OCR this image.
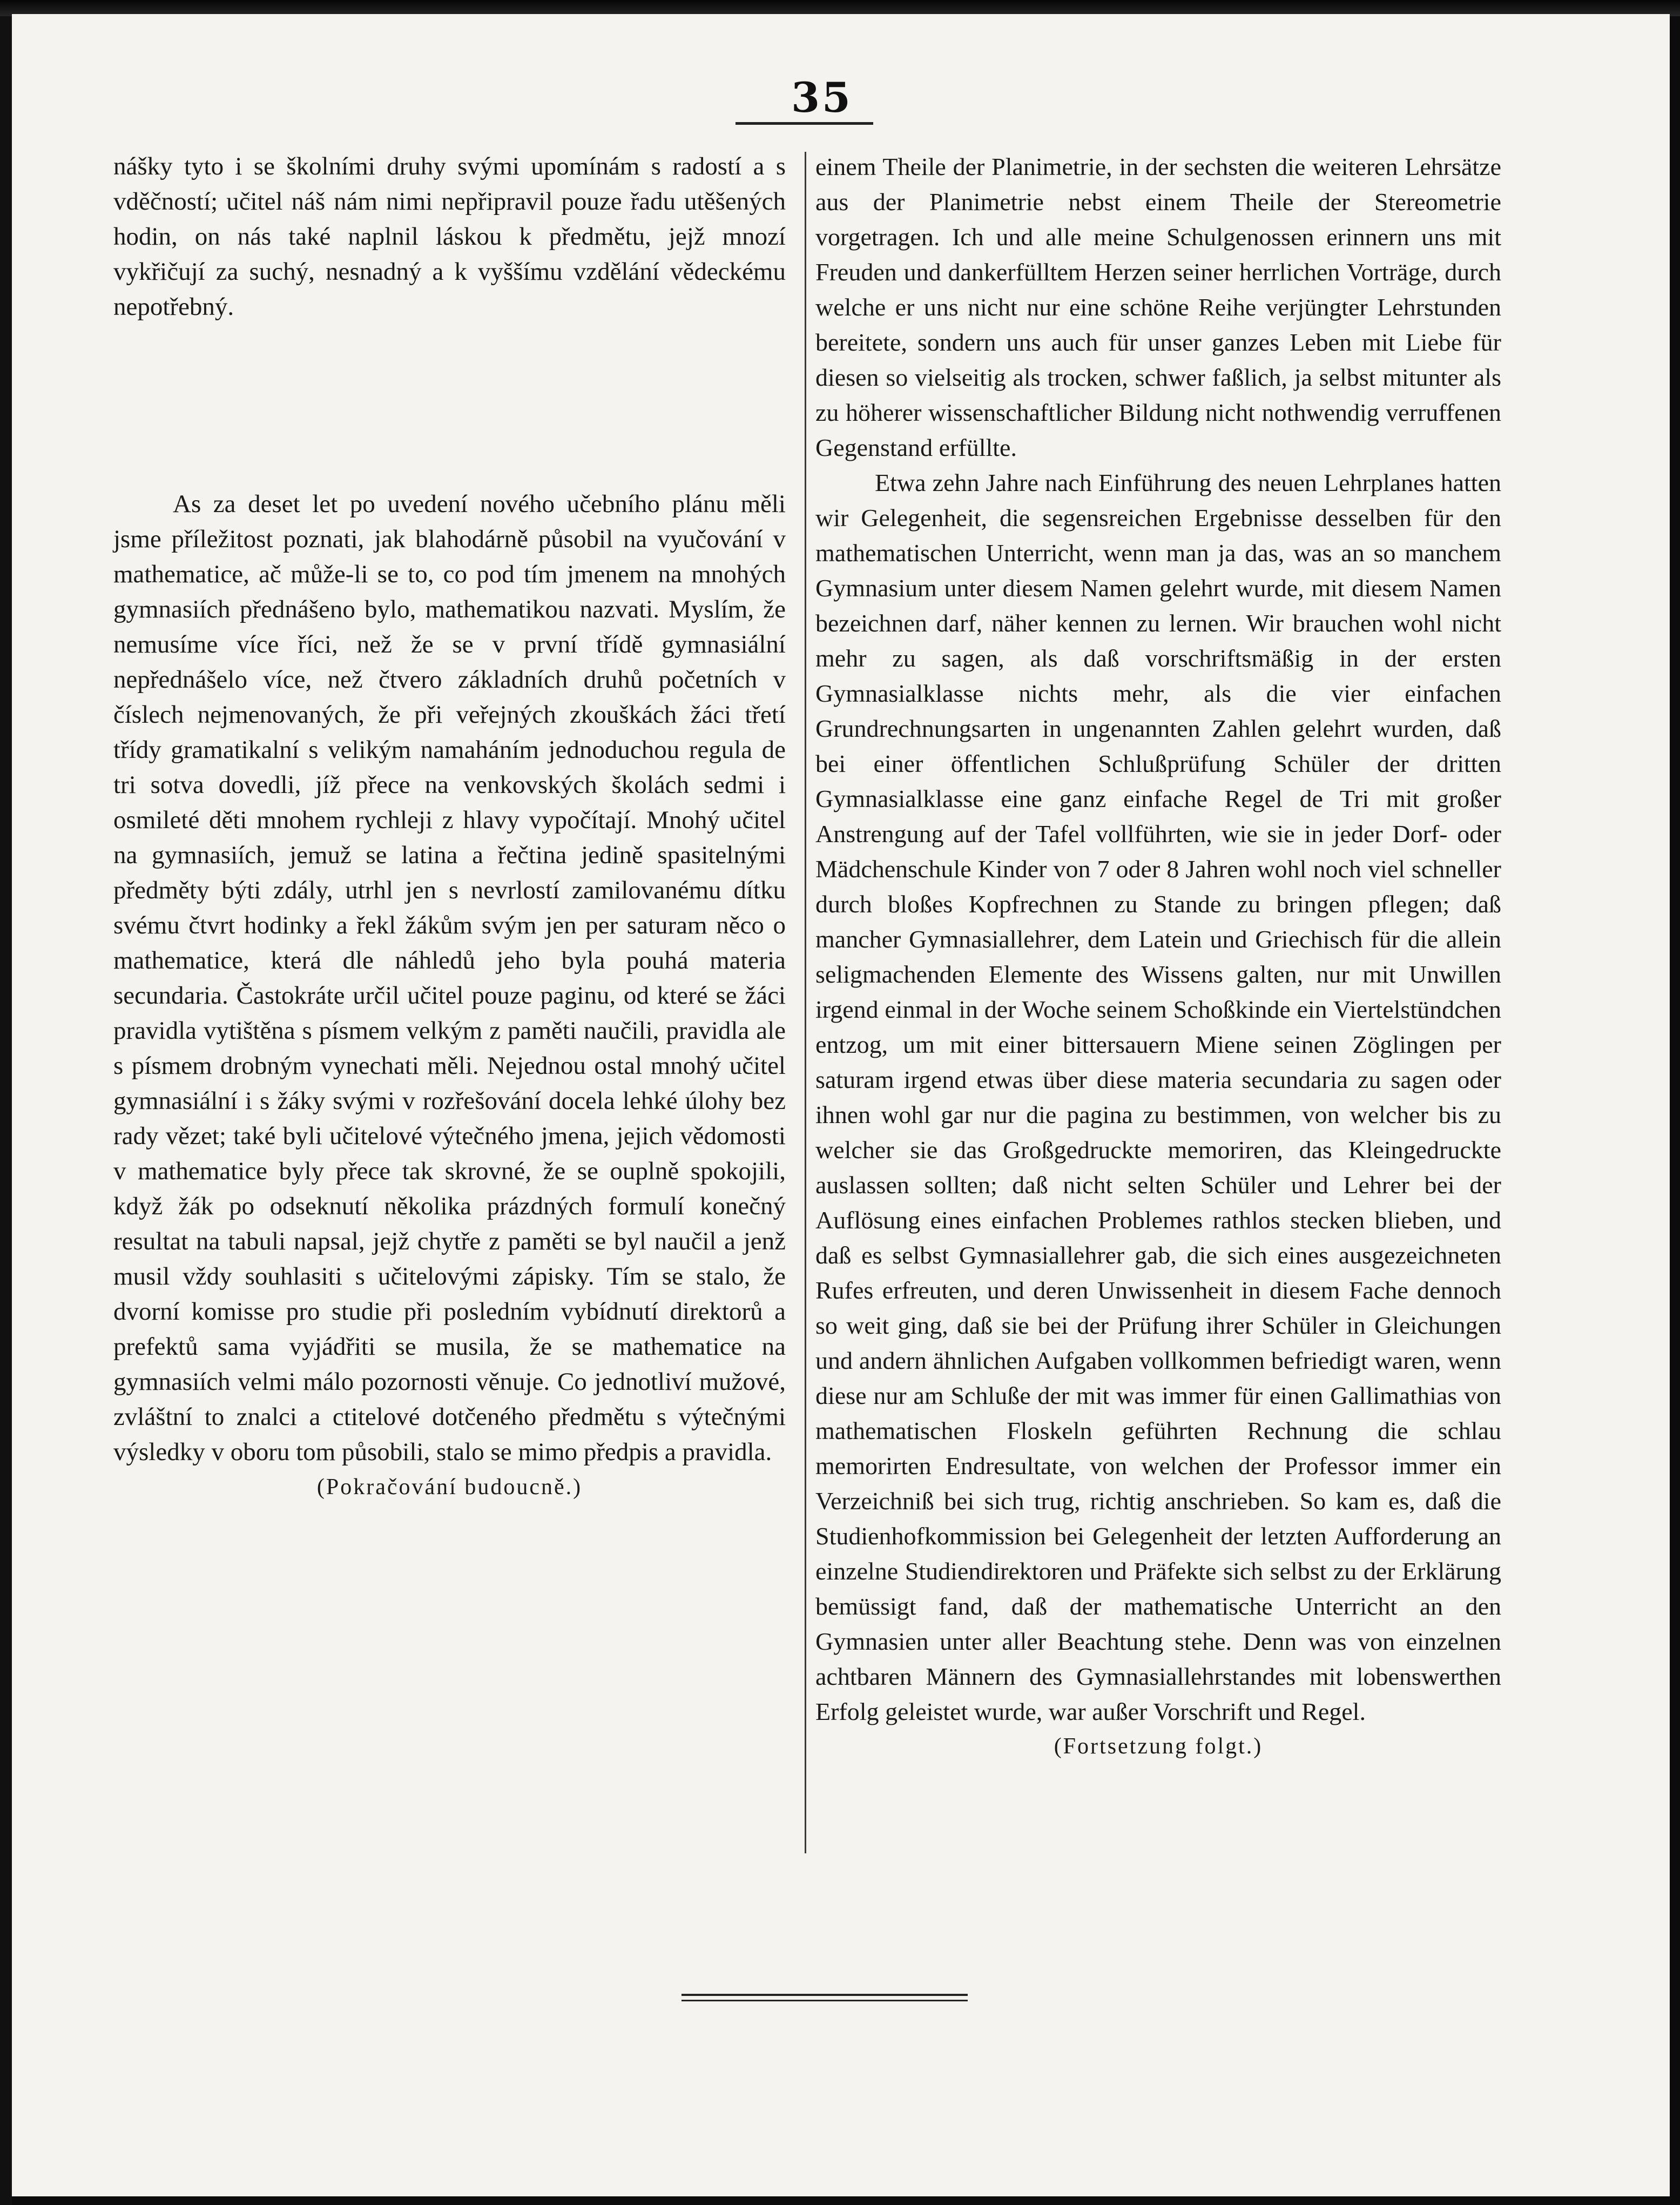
35

nášky tyto i se školními druhy svými upomínám s radostí a s vděčností; učitel náš nám nimi nepřipravil pouze řadu utěšených hodin, on nás také naplnil láskou k předmětu, jejž mnozí vykřičují za suchý, nesnadný a k vyššímu vzdělání vědeckému nepotřebný.

As za deset let po uvedení nového učebního plánu měli jsme příležitost poznati, jak blahodárně působil na vyučování v mathematice, ač může-li se to, co pod tím jmenem na mnohých gymnasiích přednášeno bylo, mathematikou nazvati. Myslím, že nemusíme více říci, než že se v první třídě gymnasiální nepřednášelo více, než čtvero základních druhů početních v číslech nejmenovaných, že při veřejných zkouškách žáci třetí třídy gramatikalní s velikým namaháním jednoduchou regula de tri sotva dovedli, jíž přece na venkovských školách sedmi i osmileté děti mnohem rychleji z hlavy vypočítají. Mnohý učitel na gymnasiích, jemuž se latina a řečtina jedině spasitelnými předměty býti zdály, utrhl jen s nevrlostí zamilovanému dítku svému čtvrt hodinky a řekl žákům svým jen per saturam něco o mathematice, která dle náhledů jeho byla pouhá materia secundaria. Častokráte určil učitel pouze paginu, od které se žáci pravidla vytištěna s písmem velkým z paměti naučili, pravidla ale s písmem drobným vynechati měli. Nejednou ostal mnohý učitel gymnasiální i s žáky svými v rozřešování docela lehké úlohy bez rady vězet; také byli učitelové výtečného jmena, jejich vědomosti v mathematice byly přece tak skrovné, že se ouplně spokojili, když žák po odseknutí několika prázdných formulí konečný resultat na tabuli napsal, jejž chytře z paměti se byl naučil a jenž musil vždy souhlasiti s učitelovými zápisky. Tím se stalo, že dvorní komisse pro studie při posledním vybídnutí direktorů a prefektů sama vyjádřiti se musila, že se mathematice na gymnasiích velmi málo pozornosti věnuje. Co jednotliví mužové, zvláštní to znalci a ctitelové dotčeného předmětu s výtečnými výsledky v oboru tom působili, stalo se mimo předpis a pravidla.

(Pokračování budoucně.)

einem Theile der Planimetrie, in der sechsten die weiteren Lehrsätze aus der Planimetrie nebst einem Theile der Stereometrie vorgetragen. Ich und alle meine Schulgenossen erinnern uns mit Freuden und dankerfülltem Herzen seiner herrlichen Vorträge, durch welche er uns nicht nur eine schöne Reihe verjüngter Lehrstunden bereitete, sondern uns auch für unser ganzes Leben mit Liebe für diesen so vielseitig als trocken, schwer faßlich, ja selbst mitunter als zu höherer wissenschaftlicher Bildung nicht nothwendig verruffenen Gegenstand erfüllte.

Etwa zehn Jahre nach Einführung des neuen Lehrplanes hatten wir Gelegenheit, die segensreichen Ergebnisse desselben für den mathematischen Unterricht, wenn man ja das, was an so manchem Gymnasium unter diesem Namen gelehrt wurde, mit diesem Namen bezeichnen darf, näher kennen zu lernen. Wir brauchen wohl nicht mehr zu sagen, als daß vorschriftsmäßig in der ersten Gymnasialklasse nichts mehr, als die vier einfachen Grundrechnungsarten in ungenannten Zahlen gelehrt wurden, daß bei einer öffentlichen Schlußprüfung Schüler der dritten Gymnasialklasse eine ganz einfache Regel de Tri mit großer Anstrengung auf der Tafel vollführten, wie sie in jeder Dorf- oder Mädchenschule Kinder von 7 oder 8 Jahren wohl noch viel schneller durch bloßes Kopfrechnen zu Stande zu bringen pflegen; daß mancher Gymnasiallehrer, dem Latein und Griechisch für die allein seligmachenden Elemente des Wissens galten, nur mit Unwillen irgend einmal in der Woche seinem Schoßkinde ein Viertelstündchen entzog, um mit einer bittersauern Miene seinen Zöglingen per saturam irgend etwas über diese materia secundaria zu sagen oder ihnen wohl gar nur die pagina zu bestimmen, von welcher bis zu welcher sie das Großgedruckte memoriren, das Kleingedruckte auslassen sollten; daß nicht selten Schüler und Lehrer bei der Auflösung eines einfachen Problemes rathlos stecken blieben, und daß es selbst Gymnasiallehrer gab, die sich eines ausgezeichneten Rufes erfreuten, und deren Unwissenheit in diesem Fache dennoch so weit ging, daß sie bei der Prüfung ihrer Schüler in Gleichungen und andern ähnlichen Aufgaben vollkommen befriedigt waren, wenn diese nur am Schluße der mit was immer für einen Gallimathias von mathematischen Floskeln geführten Rechnung die schlau memorirten Endresultate, von welchen der Professor immer ein Verzeichniß bei sich trug, richtig anschrieben. So kam es, daß die Studienhofkommission bei Gelegenheit der letzten Aufforderung an einzelne Studiendirektoren und Präfekte sich selbst zu der Erklärung bemüssigt fand, daß der mathematische Unterricht an den Gymnasien unter aller Beachtung stehe. Denn was von einzelnen achtbaren Männern des Gymnasiallehrstandes mit lobenswerthen Erfolg geleistet wurde, war außer Vorschrift und Regel.

(Fortsetzung folgt.)
